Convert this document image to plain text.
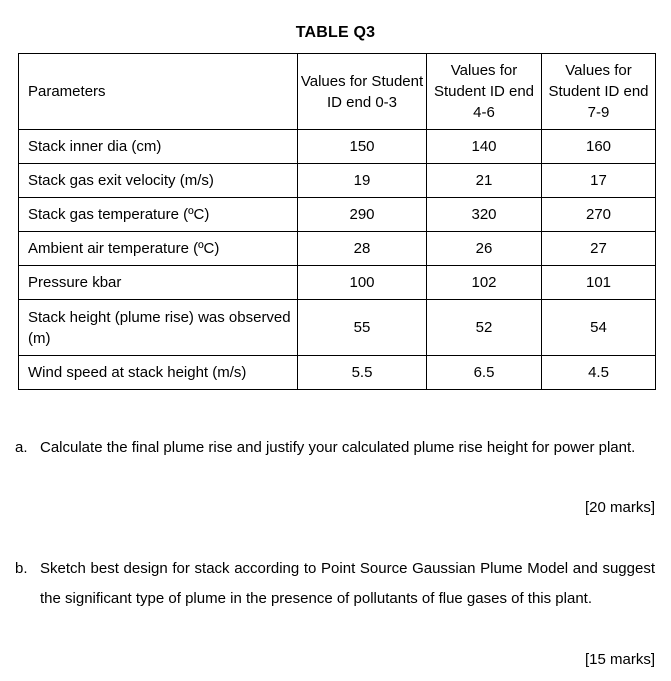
TABLE Q3
Parameters	Values for Student ID end 0-3	Values for Student ID end 4-6	Values for Student ID end 7-9
Stack inner dia (cm)	150	140	160
Stack gas exit velocity (m/s)	19	21	17
Stack gas temperature (ºC)	290	320	270
Ambient air temperature (ºC)	28	26	27
Pressure kbar	100	102	101
Stack height (plume rise) was observed (m)	55	52	54
Wind speed at stack height (m/s)	5.5	6.5	4.5
a. Calculate the final plume rise and justify your calculated plume rise height for power plant.
[20 marks]
b. Sketch best design for stack according to Point Source Gaussian Plume Model and suggest the significant type of plume in the presence of pollutants of flue gases of this plant.
[15 marks]
